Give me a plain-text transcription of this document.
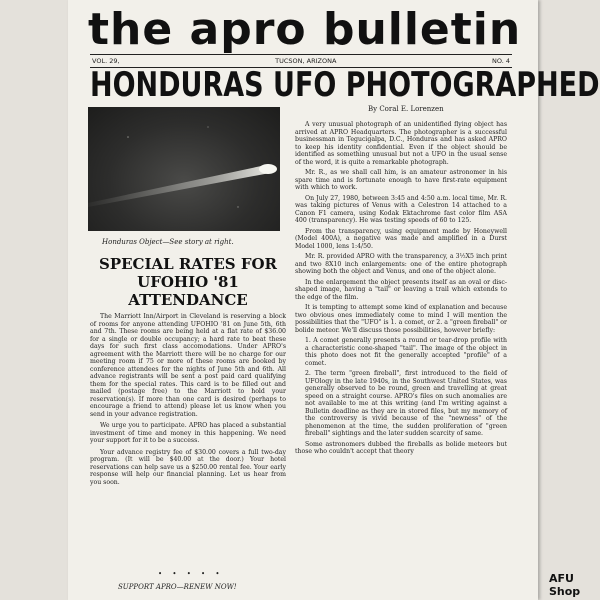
the apro bulletin
VOL. 29,	TUCSON, ARIZONA	NO. 4
HONDURAS UFO PHOTOGRAPHED
By Coral E. Lorenzen
Honduras Object—See story at right.
SPECIAL RATES FOR UFOHIO '81 ATTENDANCE

The Marriott Inn/Airport in Cleveland is reserving a block of rooms for anyone attending UFOHIO '81 on June 5th, 6th and 7th. These rooms are being held at a flat rate of $36.00 for a single or double occupancy; a hard rate to beat these days for such first class accomodations. Under APRO's agreement with the Marriott there will be no charge for our meeting room if 75 or more of these rooms are booked by conference attendees for the nights of June 5th and 6th. All advance registrants will be sent a post paid card qualifying them for the special rates. This card is to be filled out and mailed (postage free) to the Marriott to hold your reservation(s). If more than one card is desired (perhaps to encourage a friend to attend) please let us know when you send in your advance registration.

We urge you to participate. APRO has placed a substantial investment of time and money in this happening. We need your support for it to be a success.

Your advance registry fee of $30.00 covers a full two-day program. (It will be $40.00 at the door.) Your hotel reservations can help save us a $250.00 rental fee. Your early response will help our financial planning. Let us hear from you soon.

• • • • •
SUPPORT APRO—RENEW NOW!

A very unusual photograph of an unidentified flying object has arrived at APRO Headquarters. The photographer is a successful businessman in Tegucigalpa, D.C., Honduras and has asked APRO to keep his identity confidential. Even if the object should be identified as something unusual but not a UFO in the usual sense of the word, it is quite a remarkable photograph.

Mr. R., as we shall call him, is an amateur astronomer in his spare time and is fortunate enough to have first-rate equipment with which to work.

On July 27, 1980, between 3:45 and 4:50 a.m. local time, Mr. R. was taking pictures of Venus with a Celestron 14 attached to a Canon F1 camera, using Kodak Ektachrome fast color film ASA 400 (transparency). He was testing speeds of 60 to 125.

From the transparency, using equipment made by Honeywell (Model 400A), a negative was made and amplified in a Durst Model 1000, lens 1:4/50.

Mr. R. provided APRO with the transparency, a 3½X5 inch print and two 8X10 inch enlargements: one of the entire photograph showing both the object and Venus, and one of the object alone.

In the enlargement the object presents itself as an oval or disc-shaped image, having a "tail" or leaving a trail which extends to the edge of the film.

It is tempting to attempt some kind of explanation and because two obvious ones immediately come to mind I will mention the possibilities that the "UFO" is 1. a comet, or 2. a "green fireball" or bolide meteor. We'll discuss those possibilities, however briefly:

1. A comet generally presents a round or tear-drop profile with a characteristic cone-shaped "tail". The image of the object in this photo does not fit the generally accepted "profile" of a comet.

2. The term "green fireball", first introduced to the field of UFOlogy in the late 1940s, in the Southwest United States, was generally observed to be round, green and travelling at great speed on a straight course. APRO's files on such anomalies are not available to me at this writing (and I'm writing against a Bulletin deadline as they are in stored files, but my memory of the controversy is vivid because of the "newness" of the phenomenon at the time, the sudden proliferation of "green fireball" sightings and the later sudden scarcity of same.

Some astronomers dubbed the fireballs as bolide meteors but those who couldn't accept that theory

AFU Shop
